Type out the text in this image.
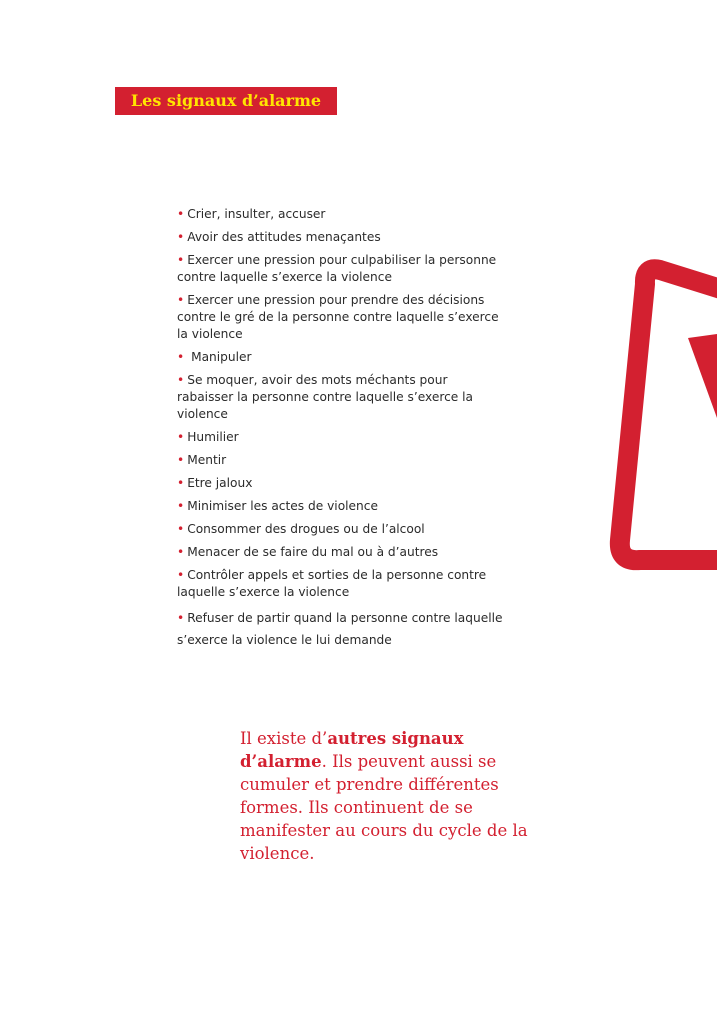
Les signaux d’alarme
• Crier, insulter, accuser
• Avoir des attitudes menaçantes
• Exercer une pression pour culpabiliser la personne contre laquelle s’exerce la violence
• Exercer une pression pour prendre des décisions contre le gré de la personne contre laquelle s’exerce la violence
• Manipuler
• Se moquer, avoir des mots méchants pour rabaisser la personne contre laquelle s’exerce la violence
• Humilier
• Mentir
• Etre jaloux
• Minimiser les actes de violence
• Consommer des drogues ou de l’alcool
• Menacer de se faire du mal ou à d’autres
• Contrôler appels et sorties de la personne contre laquelle s’exerce la violence
• Refuser de partir quand la personne contre laquelle s’exerce la violence le lui demande

Il existe d’autres signaux d’alarme. Ils peuvent aussi se cumuler et prendre différentes formes. Ils continuent de se manifester au cours du cycle de la violence.
